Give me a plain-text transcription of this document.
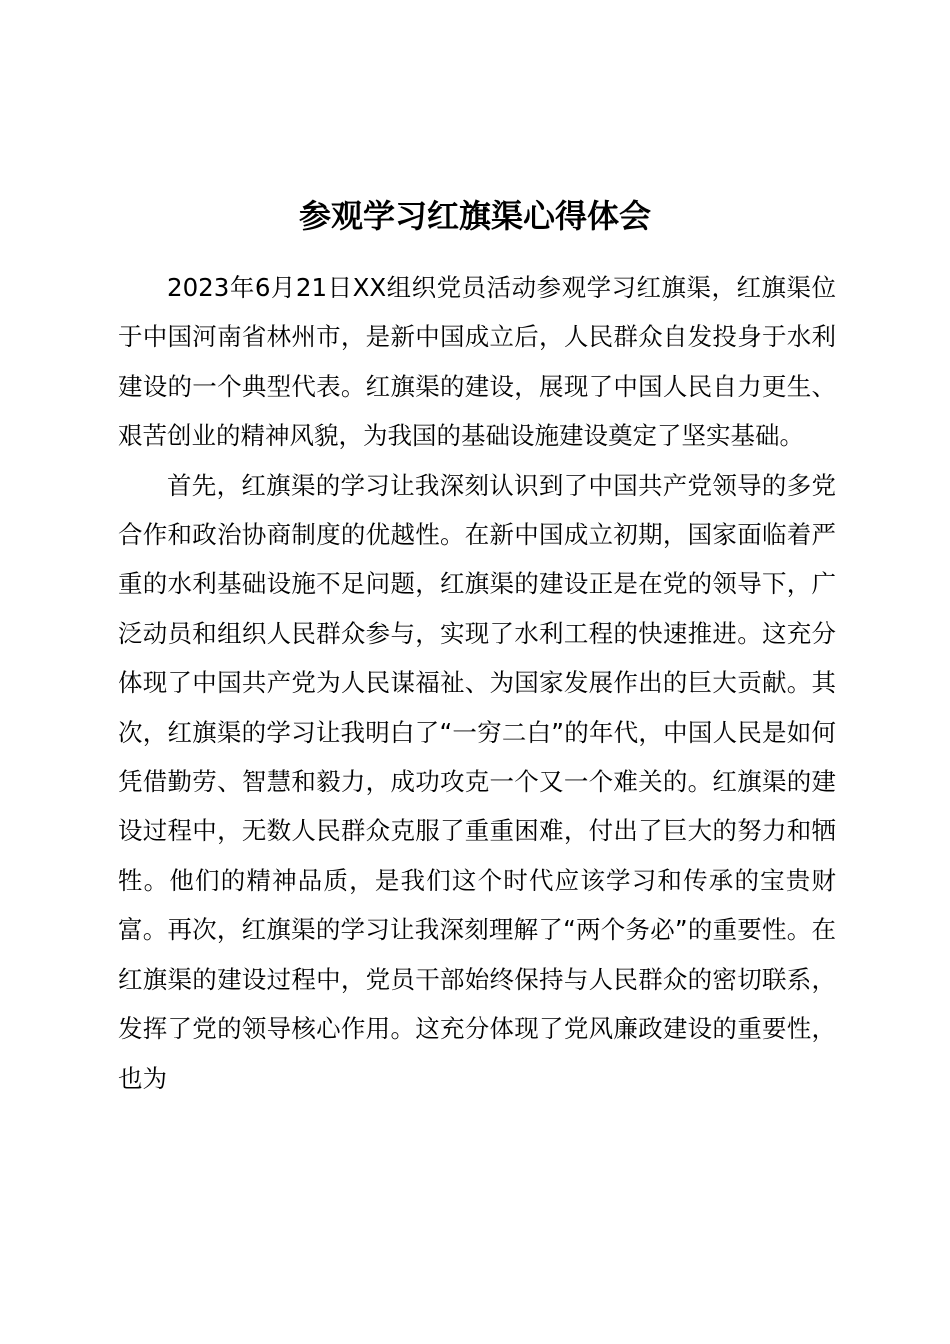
参观学习红旗渠心得体会

2023年6月21日XX组织党员活动参观学习红旗渠，红旗渠位于中国河南省林州市，是新中国成立后，人民群众自发投身于水利建设的一个典型代表。红旗渠的建设，展现了中国人民自力更生、艰苦创业的精神风貌，为我国的基础设施建设奠定了坚实基础。

首先，红旗渠的学习让我深刻认识到了中国共产党领导的多党合作和政治协商制度的优越性。在新中国成立初期，国家面临着严重的水利基础设施不足问题，红旗渠的建设正是在党的领导下，广泛动员和组织人民群众参与，实现了水利工程的快速推进。这充分体现了中国共产党为人民谋福祉、为国家发展作出的巨大贡献。其次，红旗渠的学习让我明白了“一穷二白”的年代，中国人民是如何凭借勤劳、智慧和毅力，成功攻克一个又一个难关的。红旗渠的建设过程中，无数人民群众克服了重重困难，付出了巨大的努力和牺牲。他们的精神品质，是我们这个时代应该学习和传承的宝贵财富。再次，红旗渠的学习让我深刻理解了“两个务必”的重要性。在红旗渠的建设过程中，党员干部始终保持与人民群众的密切联系，发挥了党的领导核心作用。这充分体现了党风廉政建设的重要性，也为
